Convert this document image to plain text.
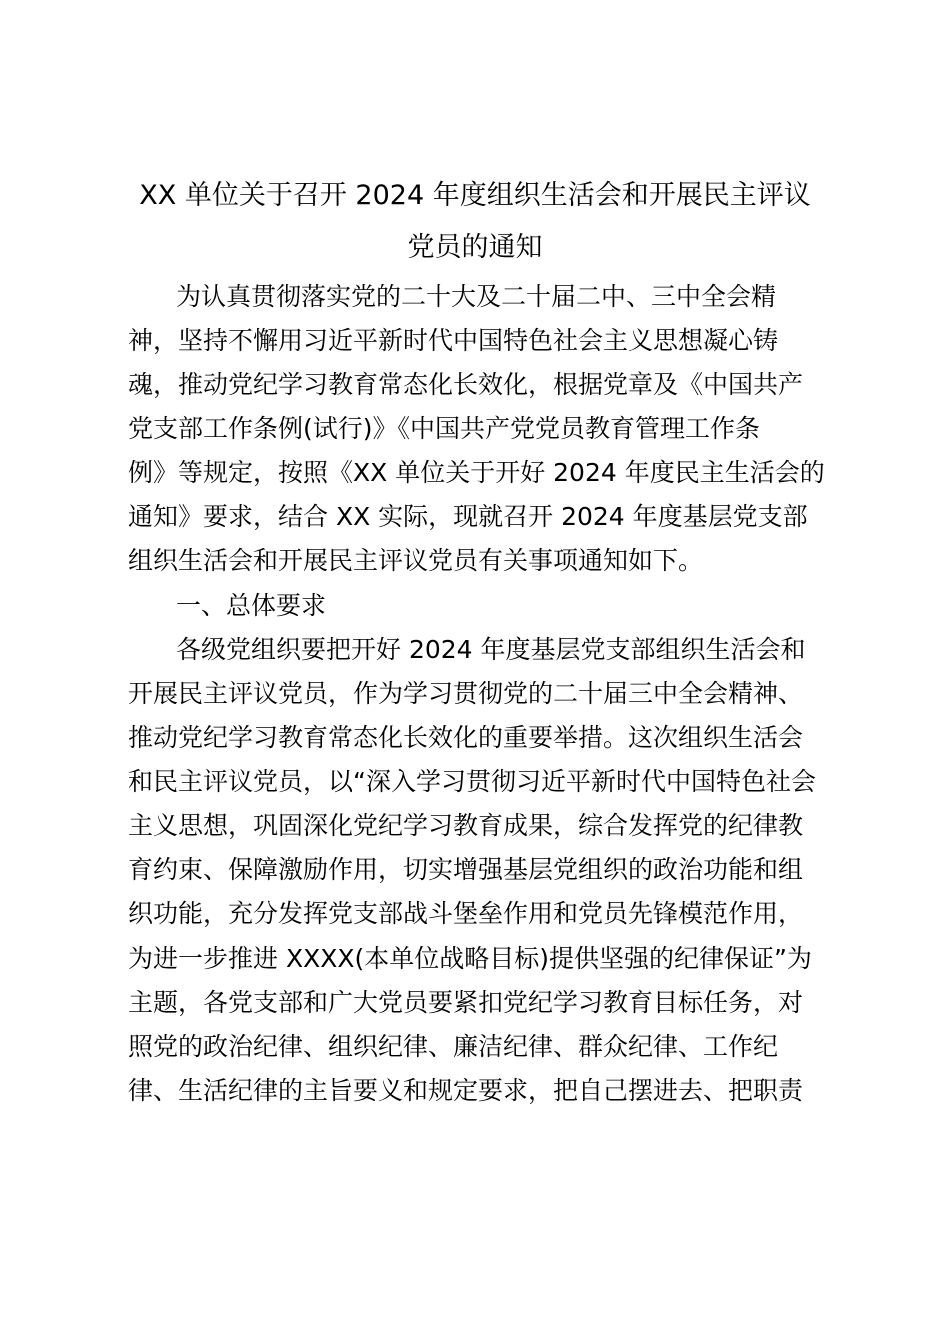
XX 单位关于召开 2024 年度组织生活会和开展民主评议
党员的通知
为认真贯彻落实党的二十大及二十届二中、三中全会精
神，坚持不懈用习近平新时代中国特色社会主义思想凝心铸
魂，推动党纪学习教育常态化长效化，根据党章及《中国共产
党支部工作条例(试行)》《中国共产党党员教育管理工作条
例》等规定，按照《XX 单位关于开好 2024 年度民主生活会的
通知》要求，结合 XX 实际，现就召开 2024 年度基层党支部
组织生活会和开展民主评议党员有关事项通知如下。
一、总体要求
各级党组织要把开好 2024 年度基层党支部组织生活会和
开展民主评议党员，作为学习贯彻党的二十届三中全会精神、
推动党纪学习教育常态化长效化的重要举措。这次组织生活会
和民主评议党员，以“深入学习贯彻习近平新时代中国特色社会
主义思想，巩固深化党纪学习教育成果，综合发挥党的纪律教
育约束、保障激励作用，切实增强基层党组织的政治功能和组
织功能，充分发挥党支部战斗堡垒作用和党员先锋模范作用，
为进一步推进 XXXX(本单位战略目标)提供坚强的纪律保证”为
主题，各党支部和广大党员要紧扣党纪学习教育目标任务，对
照党的政治纪律、组织纪律、廉洁纪律、群众纪律、工作纪
律、生活纪律的主旨要义和规定要求，把自己摆进去、把职责
